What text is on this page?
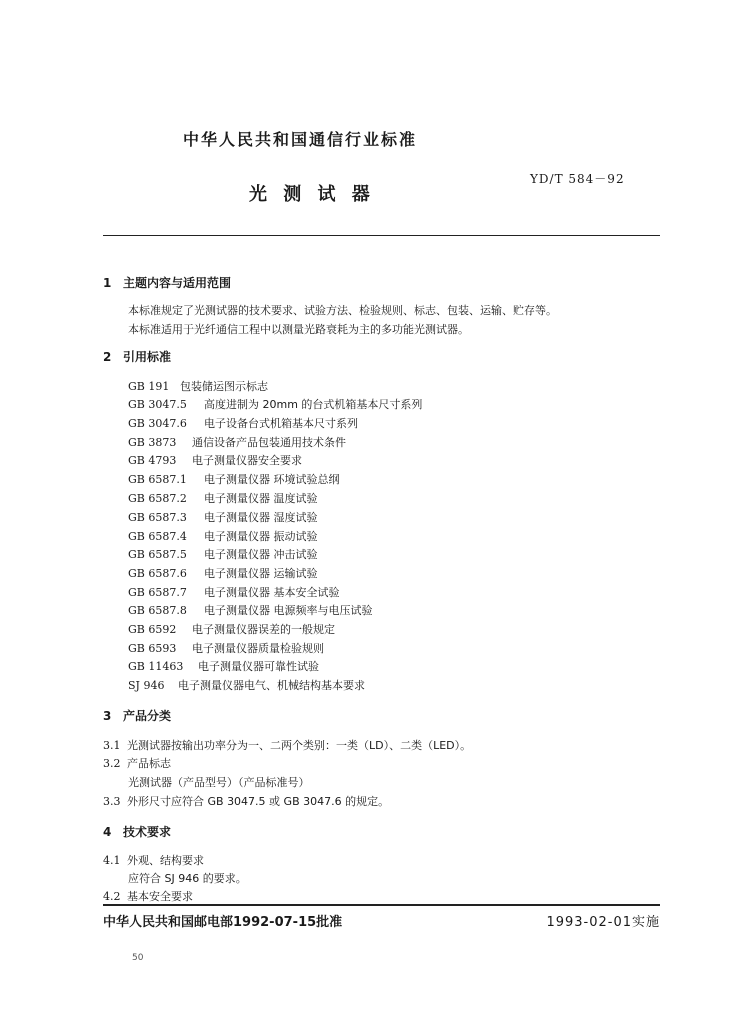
中华人民共和国通信行业标准
YD/T 584－92
光 测 试 器
1 主题内容与适用范围
本标准规定了光测试器的技术要求、试验方法、检验规则、标志、包装、运输、贮存等。
本标准适用于光纤通信工程中以测量光路衰耗为主的多功能光测试器。
2 引用标准
GB 191 包装储运图示标志
GB 3047.5 高度进制为 20mm 的台式机箱基本尺寸系列
GB 3047.6 电子设备台式机箱基本尺寸系列
GB 3873 通信设备产品包装通用技术条件
GB 4793 电子测量仪器安全要求
GB 6587.1 电子测量仪器 环境试验总纲
GB 6587.2 电子测量仪器 温度试验
GB 6587.3 电子测量仪器 湿度试验
GB 6587.4 电子测量仪器 振动试验
GB 6587.5 电子测量仪器 冲击试验
GB 6587.6 电子测量仪器 运输试验
GB 6587.7 电子测量仪器 基本安全试验
GB 6587.8 电子测量仪器 电源频率与电压试验
GB 6592 电子测量仪器误差的一般规定
GB 6593 电子测量仪器质量检验规则
GB 11463 电子测量仪器可靠性试验
SJ 946 电子测量仪器电气、机械结构基本要求
3 产品分类
3.1 光测试器按输出功率分为一、二两个类别：一类（LD）、二类（LED）。
3.2 产品标志
光测试器（产品型号）（产品标准号）
3.3 外形尺寸应符合 GB 3047.5 或 GB 3047.6 的规定。
4 技术要求
4.1 外观、结构要求
应符合 SJ 946 的要求。
4.2 基本安全要求
中华人民共和国邮电部1992-07-15批准	1993-02-01实施
50
